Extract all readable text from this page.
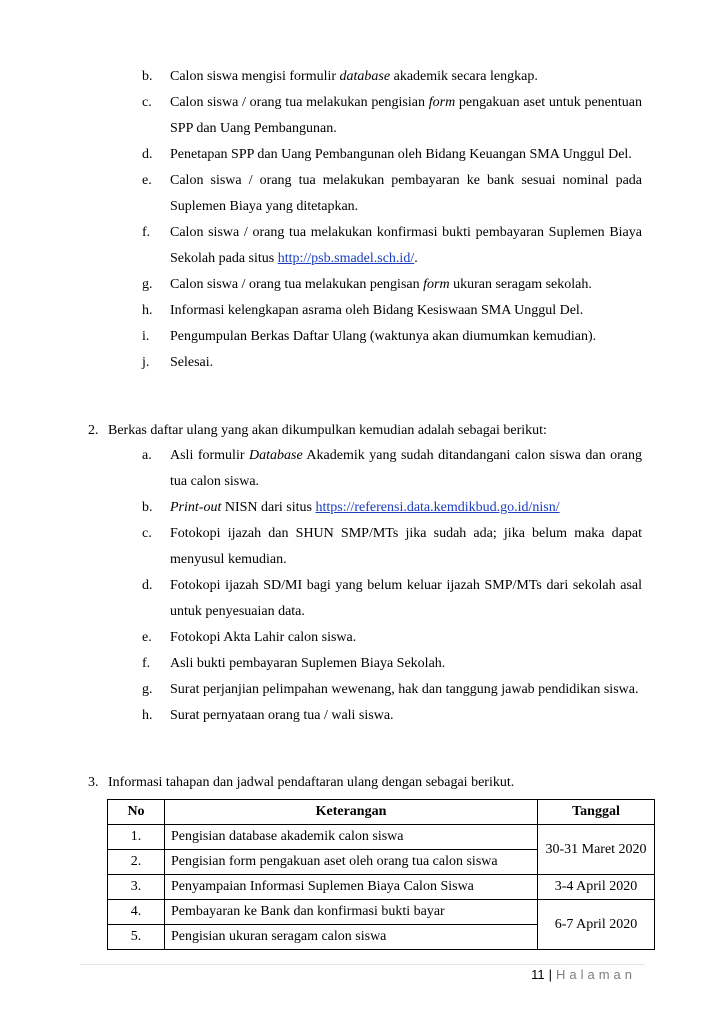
b. Calon siswa mengisi formulir database akademik secara lengkap.
c. Calon siswa / orang tua melakukan pengisian form pengakuan aset untuk penentuan SPP dan Uang Pembangunan.
d. Penetapan SPP dan Uang Pembangunan oleh Bidang Keuangan SMA Unggul Del.
e. Calon siswa / orang tua melakukan pembayaran ke bank sesuai nominal pada Suplemen Biaya yang ditetapkan.
f. Calon siswa / orang tua melakukan konfirmasi bukti pembayaran Suplemen Biaya Sekolah pada situs http://psb.smadel.sch.id/.
g. Calon siswa / orang tua melakukan pengisan form ukuran seragam sekolah.
h. Informasi kelengkapan asrama oleh Bidang Kesiswaan SMA Unggul Del.
i. Pengumpulan Berkas Daftar Ulang (waktunya akan diumumkan kemudian).
j. Selesai.
2. Berkas daftar ulang yang akan dikumpulkan kemudian adalah sebagai berikut:
a. Asli formulir Database Akademik yang sudah ditandangani calon siswa dan orang tua calon siswa.
b. Print-out NISN dari situs https://referensi.data.kemdikbud.go.id/nisn/
c. Fotokopi ijazah dan SHUN SMP/MTs jika sudah ada; jika belum maka dapat menyusul kemudian.
d. Fotokopi ijazah SD/MI bagi yang belum keluar ijazah SMP/MTs dari sekolah asal untuk penyesuaian data.
e. Fotokopi Akta Lahir calon siswa.
f. Asli bukti pembayaran Suplemen Biaya Sekolah.
g. Surat perjanjian pelimpahan wewenang, hak dan tanggung jawab pendidikan siswa.
h. Surat pernyataan orang tua / wali siswa.
3. Informasi tahapan dan jadwal pendaftaran ulang dengan sebagai berikut.
No	Keterangan	Tanggal
1.	Pengisian database akademik calon siswa	30-31 Maret 2020
2.	Pengisian form pengakuan aset oleh orang tua calon siswa	
3.	Penyampaian Informasi Suplemen Biaya Calon Siswa	3-4 April 2020
4.	Pembayaran ke Bank dan konfirmasi bukti bayar	6-7 April 2020
5.	Pengisian ukuran seragam calon siswa	
11 | Halaman
